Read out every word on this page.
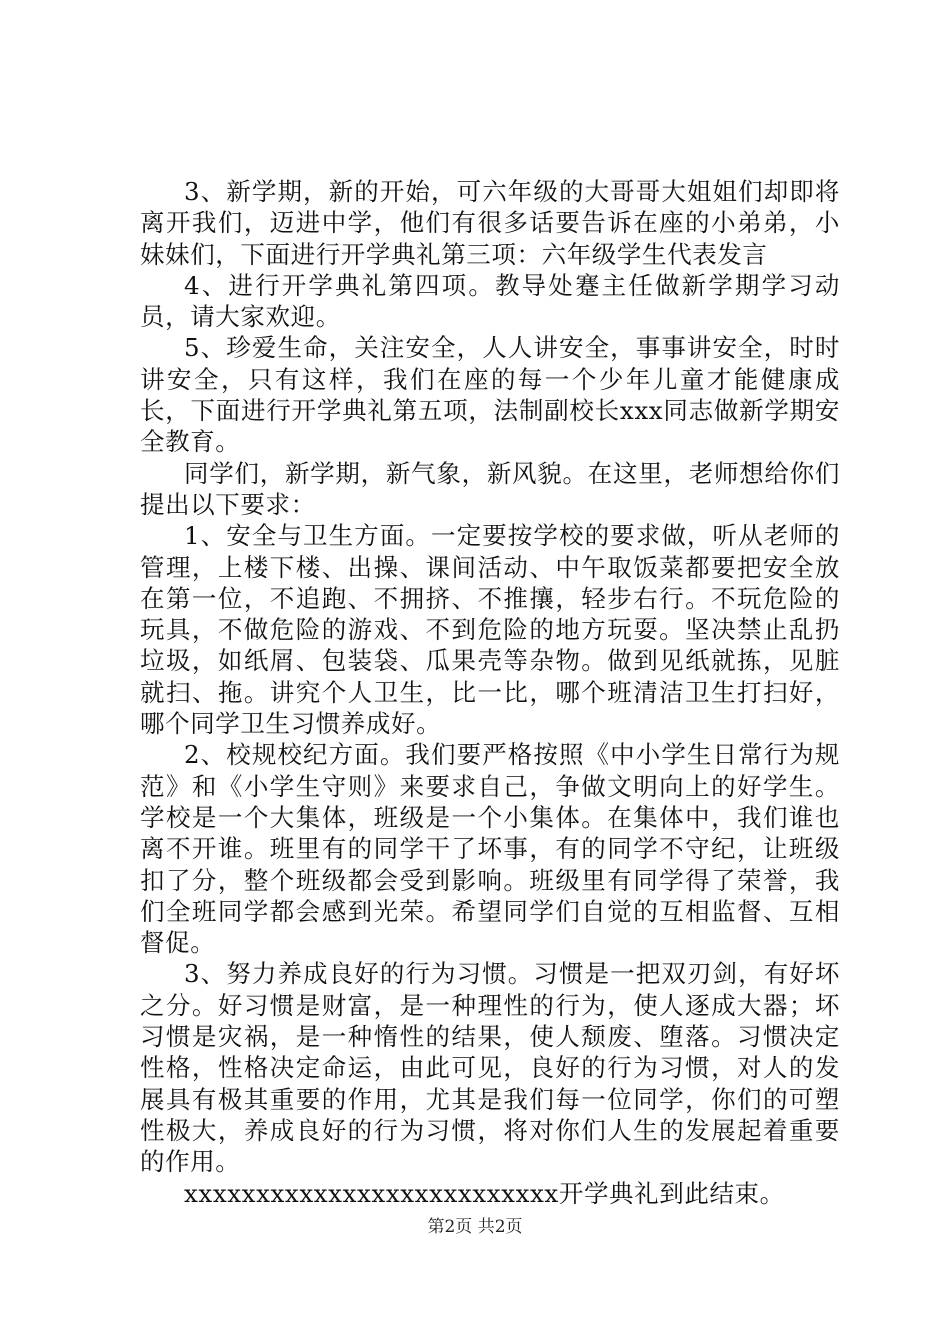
3、新学期，新的开始，可六年级的大哥哥大姐姐们却即将离开我们，迈进中学，他们有很多话要告诉在座的小弟弟，小妹妹们，下面进行开学典礼第三项：六年级学生代表发言

4、进行开学典礼第四项。教导处蹇主任做新学期学习动员，请大家欢迎。

5、珍爱生命，关注安全，人人讲安全，事事讲安全，时时讲安全，只有这样，我们在座的每一个少年儿童才能健康成长，下面进行开学典礼第五项，法制副校长xxx同志做新学期安全教育。

同学们，新学期，新气象，新风貌。在这里，老师想给你们提出以下要求：

1、安全与卫生方面。一定要按学校的要求做，听从老师的管理，上楼下楼、出操、课间活动、中午取饭菜都要把安全放在第一位，不追跑、不拥挤、不推攘，轻步右行。不玩危险的玩具，不做危险的游戏、不到危险的地方玩耍。坚决禁止乱扔垃圾，如纸屑、包装袋、瓜果壳等杂物。做到见纸就拣，见脏就扫、拖。讲究个人卫生，比一比，哪个班清洁卫生打扫好，哪个同学卫生习惯养成好。

2、校规校纪方面。我们要严格按照《中小学生日常行为规范》和《小学生守则》来要求自己，争做文明向上的好学生。学校是一个大集体，班级是一个小集体。在集体中，我们谁也离不开谁。班里有的同学干了坏事，有的同学不守纪，让班级扣了分，整个班级都会受到影响。班级里有同学得了荣誉，我们全班同学都会感到光荣。希望同学们自觉的互相监督、互相督促。

3、努力养成良好的行为习惯。习惯是一把双刃剑，有好坏之分。好习惯是财富，是一种理性的行为，使人逐成大器；坏习惯是灾祸，是一种惰性的结果，使人颓废、堕落。习惯决定性格，性格决定命运，由此可见，良好的行为习惯，对人的发展具有极其重要的作用，尤其是我们每一位同学，你们的可塑性极大，养成良好的行为习惯，将对你们人生的发展起着重要的作用。

xxxxxxxxxxxxxxxxxxxxxxxxxx开学典礼到此结束。

第2页 共2页
